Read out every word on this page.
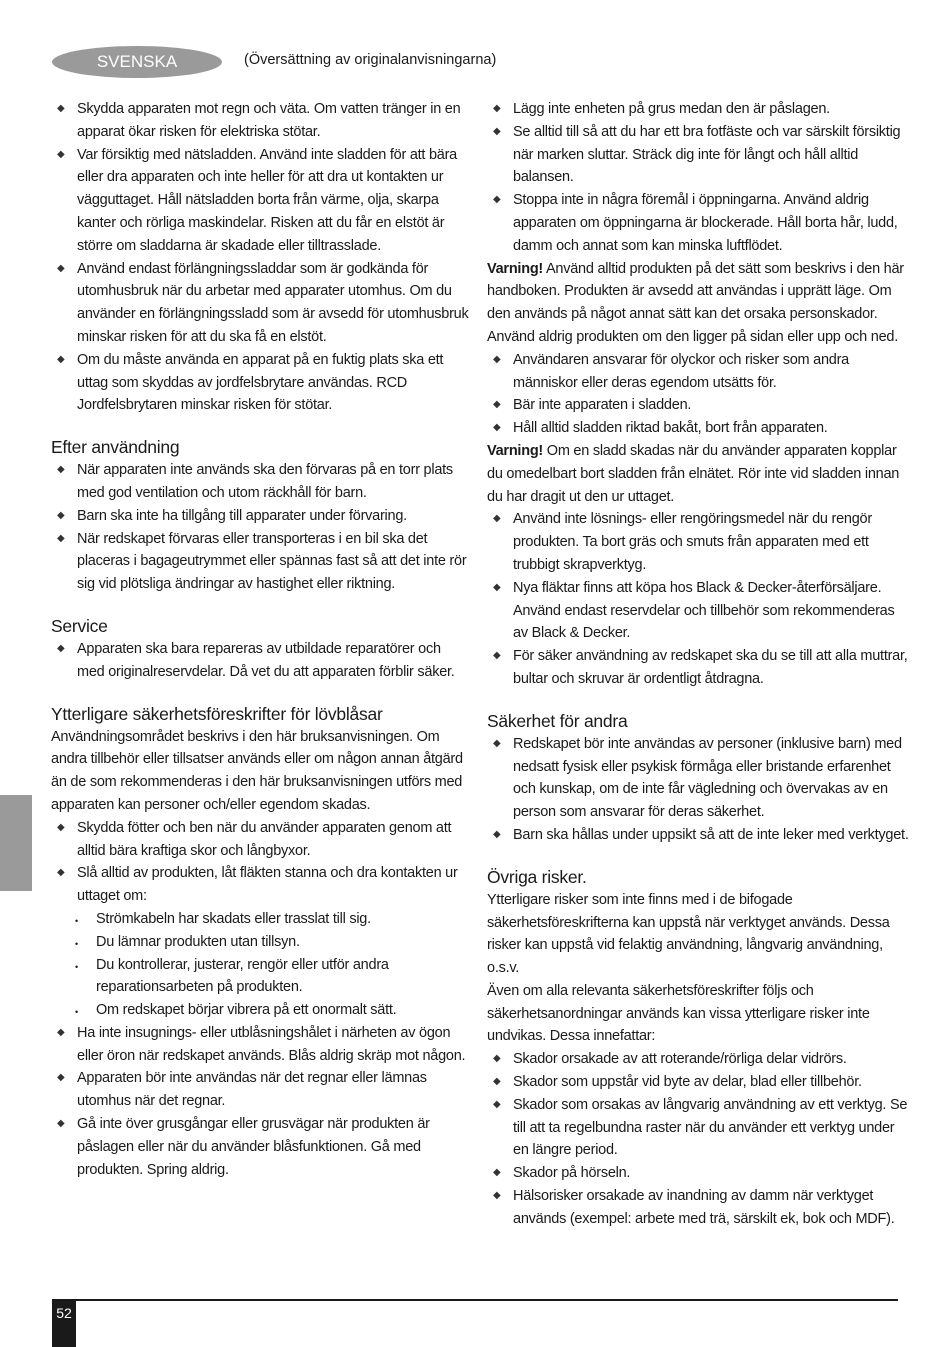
SVENSKA	(Översättning av originalanvisningarna)
◆ Skydda apparaten mot regn och väta. Om vatten tränger in en apparat ökar risken för elektriska stötar.
◆ Var försiktig med nätsladden. Använd inte sladden för att bära eller dra apparaten och inte heller för att dra ut kontakten ur vägguttaget. Håll nätsladden borta från värme, olja, skarpa kanter och rörliga maskindelar. Risken att du får en elstöt är större om sladdarna är skadade eller tilltrasslade.
◆ Använd endast förlängningssladdar som är godkända för utomhusbruk när du arbetar med apparater utomhus. Om du använder en förlängningssladd som är avsedd för utomhusbruk minskar risken för att du ska få en elstöt.
◆ Om du måste använda en apparat på en fuktig plats ska ett uttag som skyddas av jordfelsbrytare användas. RCD Jordfelsbrytaren minskar risken för stötar.
Efter användning
◆ När apparaten inte används ska den förvaras på en torr plats med god ventilation och utom räckhåll för barn.
◆ Barn ska inte ha tillgång till apparater under förvaring.
◆ När redskapet förvaras eller transporteras i en bil ska det placeras i bagageutrymmet eller spännas fast så att det inte rör sig vid plötsliga ändringar av hastighet eller riktning.
Service
◆ Apparaten ska bara repareras av utbildade reparatörer och med originalreservdelar. Då vet du att apparaten förblir säker.
Ytterligare säkerhetsföreskrifter för lövblåsar

Användningsområdet beskrivs i den här bruksanvisningen. Om andra tillbehör eller tillsatser används eller om någon annan åtgärd än de som rekommenderas i den här bruksanvisningen utförs med apparaten kan personer och/eller egendom skadas.

◆ Skydda fötter och ben när du använder apparaten genom att alltid bära kraftiga skor och långbyxor.
◆ Slå alltid av produkten, låt fläkten stanna och dra kontakten ur uttaget om:
• Strömkabeln har skadats eller trasslat till sig.
• Du lämnar produkten utan tillsyn.
• Du kontrollerar, justerar, rengör eller utför andra reparationsarbeten på produkten.
• Om redskapet börjar vibrera på ett onormalt sätt.
◆ Ha inte insugnings- eller utblåsningshålet i närheten av ögon eller öron när redskapet används. Blås aldrig skräp mot någon.
◆ Apparaten bör inte användas när det regnar eller lämnas utomhus när det regnar.
◆ Gå inte över grusgångar eller grusvägar när produkten är påslagen eller när du använder blåsfunktionen. Gå med produkten. Spring aldrig.
◆ Lägg inte enheten på grus medan den är påslagen.
◆ Se alltid till så att du har ett bra fotfäste och var särskilt försiktig när marken sluttar. Sträck dig inte för långt och håll alltid balansen.
◆ Stoppa inte in några föremål i öppningarna. Använd aldrig apparaten om öppningarna är blockerade. Håll borta hår, ludd, damm och annat som kan minska luftflödet.

Varning! Använd alltid produkten på det sätt som beskrivs i den här handboken. Produkten är avsedd att användas i upprätt läge. Om den används på något annat sätt kan det orsaka personskador. Använd aldrig produkten om den ligger på sidan eller upp och ned.

◆ Användaren ansvarar för olyckor och risker som andra människor eller deras egendom utsätts för.
◆ Bär inte apparaten i sladden.
◆ Håll alltid sladden riktad bakåt, bort från apparaten.

Varning! Om en sladd skadas när du använder apparaten kopplar du omedelbart bort sladden från elnätet. Rör inte vid sladden innan du har dragit ut den ur uttaget.

◆ Använd inte lösnings- eller rengöringsmedel när du rengör produkten. Ta bort gräs och smuts från apparaten med ett trubbigt skrapverktyg.
◆ Nya fläktar finns att köpa hos Black & Decker-återförsäljare. Använd endast reservdelar och tillbehör som rekommenderas av Black & Decker.
◆ För säker användning av redskapet ska du se till att alla muttrar, bultar och skruvar är ordentligt åtdragna.
Säkerhet för andra
◆ Redskapet bör inte användas av personer (inklusive barn) med nedsatt fysisk eller psykisk förmåga eller bristande erfarenhet och kunskap, om de inte får vägledning och övervakas av en person som ansvarar för deras säkerhet.
◆ Barn ska hållas under uppsikt så att de inte leker med verktyget.
Övriga risker.

Ytterligare risker som inte finns med i de bifogade säkerhetsföreskrifterna kan uppstå när verktyget används. Dessa risker kan uppstå vid felaktig användning, långvarig användning, o.s.v.

Även om alla relevanta säkerhetsföreskrifter följs och säkerhetsanordningar används kan vissa ytterligare risker inte undvikas. Dessa innefattar:

◆ Skador orsakade av att roterande/rörliga delar vidrörs.
◆ Skador som uppstår vid byte av delar, blad eller tillbehör.
◆ Skador som orsakas av långvarig användning av ett verktyg. Se till att ta regelbundna raster när du använder ett verktyg under en längre period.
◆ Skador på hörseln.
◆ Hälsorisker orsakade av inandning av damm när verktyget används (exempel: arbete med trä, särskilt ek, bok och MDF).
52
